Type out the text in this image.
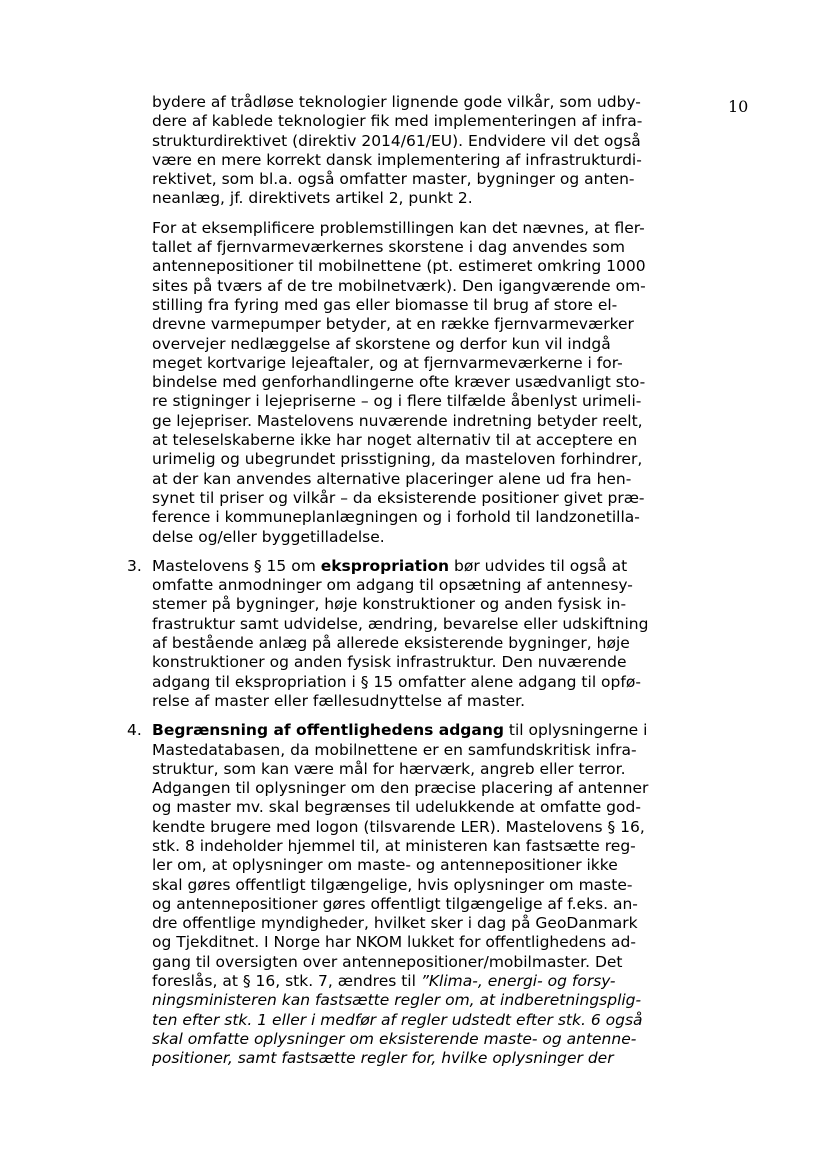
10
bydere af trådløse teknologier lignende gode vilkår, som udby-
dere af kablede teknologier fik med implementeringen af infra-
strukturdirektivet (direktiv 2014/61/EU). Endvidere vil det også
være en mere korrekt dansk implementering af infrastrukturdi-
rektivet, som bl.a. også omfatter master, bygninger og anten-
neanlæg, jf. direktivets artikel 2, punkt 2.
For at eksemplificere problemstillingen kan det nævnes, at fler-
tallet af fjernvarmeværkernes skorstene i dag anvendes som
antennepositioner til mobilnettene (pt. estimeret omkring 1000
sites på tværs af de tre mobilnetværk). Den igangværende om-
stilling fra fyring med gas eller biomasse til brug af store el-
drevne varmepumper betyder, at en række fjernvarmeværker
overvejer nedlæggelse af skorstene og derfor kun vil indgå
meget kortvarige lejeaftaler, og at fjernvarmeværkerne i for-
bindelse med genforhandlingerne ofte kræver usædvanligt sto-
re stigninger i lejepriserne – og i flere tilfælde åbenlyst urimeli-
ge lejepriser. Mastelovens nuværende indretning betyder reelt,
at teleselskaberne ikke har noget alternativ til at acceptere en
urimelig og ubegrundet prisstigning, da masteloven forhindrer,
at der kan anvendes alternative placeringer alene ud fra hen-
synet til priser og vilkår – da eksisterende positioner givet præ-
ference i kommuneplanlægningen og i forhold til landzonetilla-
delse og/eller byggetilladelse.
3. Mastelovens § 15 om ekspropriation bør udvides til også at
omfatte anmodninger om adgang til opsætning af antennesy-
stemer på bygninger, høje konstruktioner og anden fysisk in-
frastruktur samt udvidelse, ændring, bevarelse eller udskiftning
af bestående anlæg på allerede eksisterende bygninger, høje
konstruktioner og anden fysisk infrastruktur. Den nuværende
adgang til ekspropriation i § 15 omfatter alene adgang til opfø-
relse af master eller fællesudnyttelse af master.
4. Begrænsning af offentlighedens adgang til oplysningerne i
Mastedatabasen, da mobilnettene er en samfundskritisk infra-
struktur, som kan være mål for hærværk, angreb eller terror.
Adgangen til oplysninger om den præcise placering af antenner
og master mv. skal begrænses til udelukkende at omfatte god-
kendte brugere med logon (tilsvarende LER). Mastelovens § 16,
stk. 8 indeholder hjemmel til, at ministeren kan fastsætte reg-
ler om, at oplysninger om maste- og antennepositioner ikke
skal gøres offentligt tilgængelige, hvis oplysninger om maste-
og antennepositioner gøres offentligt tilgængelige af f.eks. an-
dre offentlige myndigheder, hvilket sker i dag på GeoDanmark
og Tjekditnet. I Norge har NKOM lukket for offentlighedens ad-
gang til oversigten over antennepositioner/mobilmaster. Det
foreslås, at § 16, stk. 7, ændres til ”Klima-, energi- og forsy-
ningsministeren kan fastsætte regler om, at indberetningsplig-
ten efter stk. 1 eller i medfør af regler udstedt efter stk. 6 også
skal omfatte oplysninger om eksisterende maste- og antenne-
positioner, samt fastsætte regler for, hvilke oplysninger der
